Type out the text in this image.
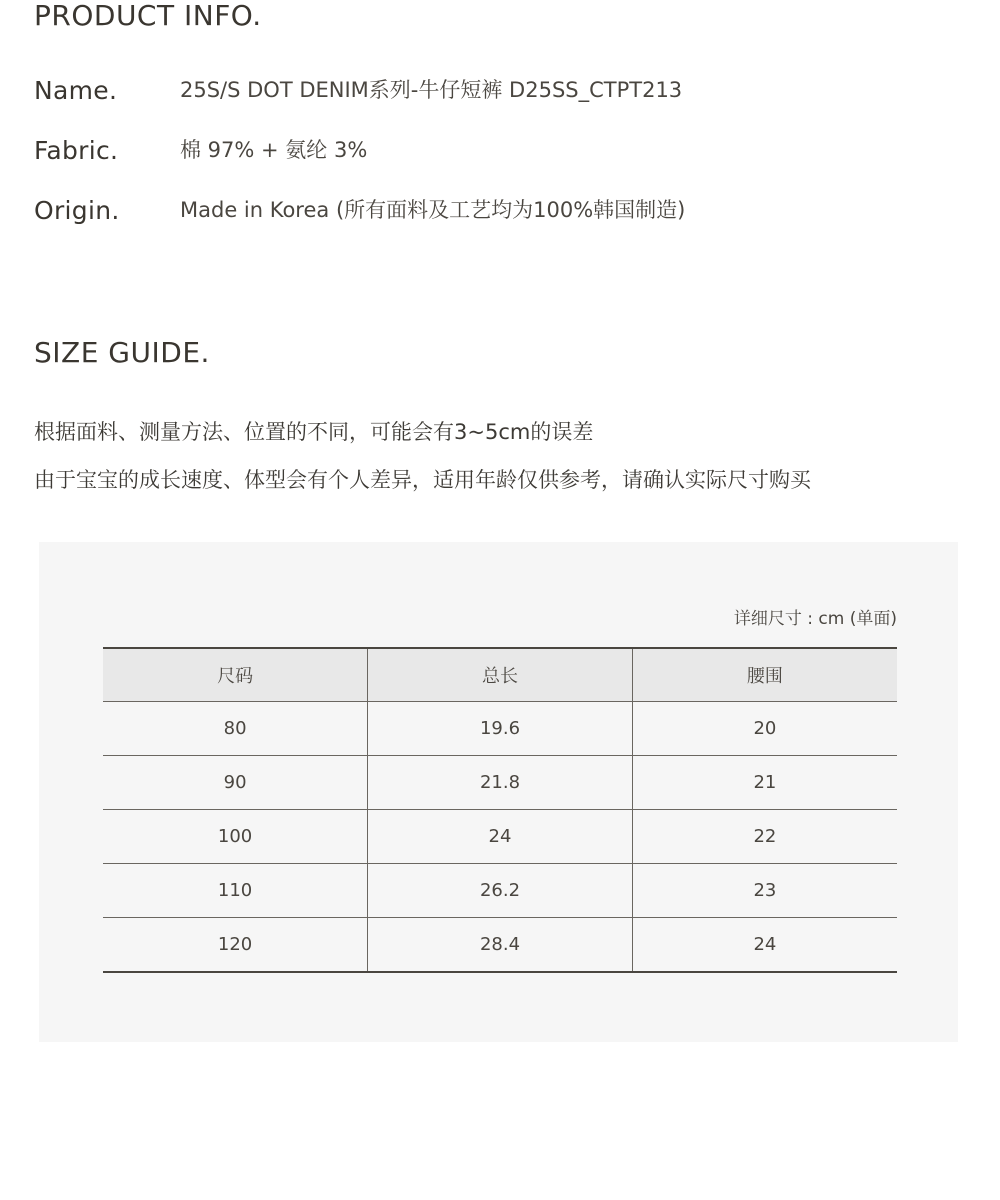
PRODUCT INFO.
Name.	25S/S DOT DENIM系列-牛仔短裤 D25SS_CTPT213
Fabric.	棉 97% + 氨纶 3%
Origin.	Made in Korea (所有面料及工艺均为100%韩国制造)
SIZE GUIDE.
根据面料、测量方法、位置的不同，可能会有3~5cm的误差
由于宝宝的成长速度、体型会有个人差异，适用年龄仅供参考，请确认实际尺寸购买
详细尺寸 : cm (单面)
尺码	总长	腰围
80	19.6	20
90	21.8	21
100	24	22
110	26.2	23
120	28.4	24
